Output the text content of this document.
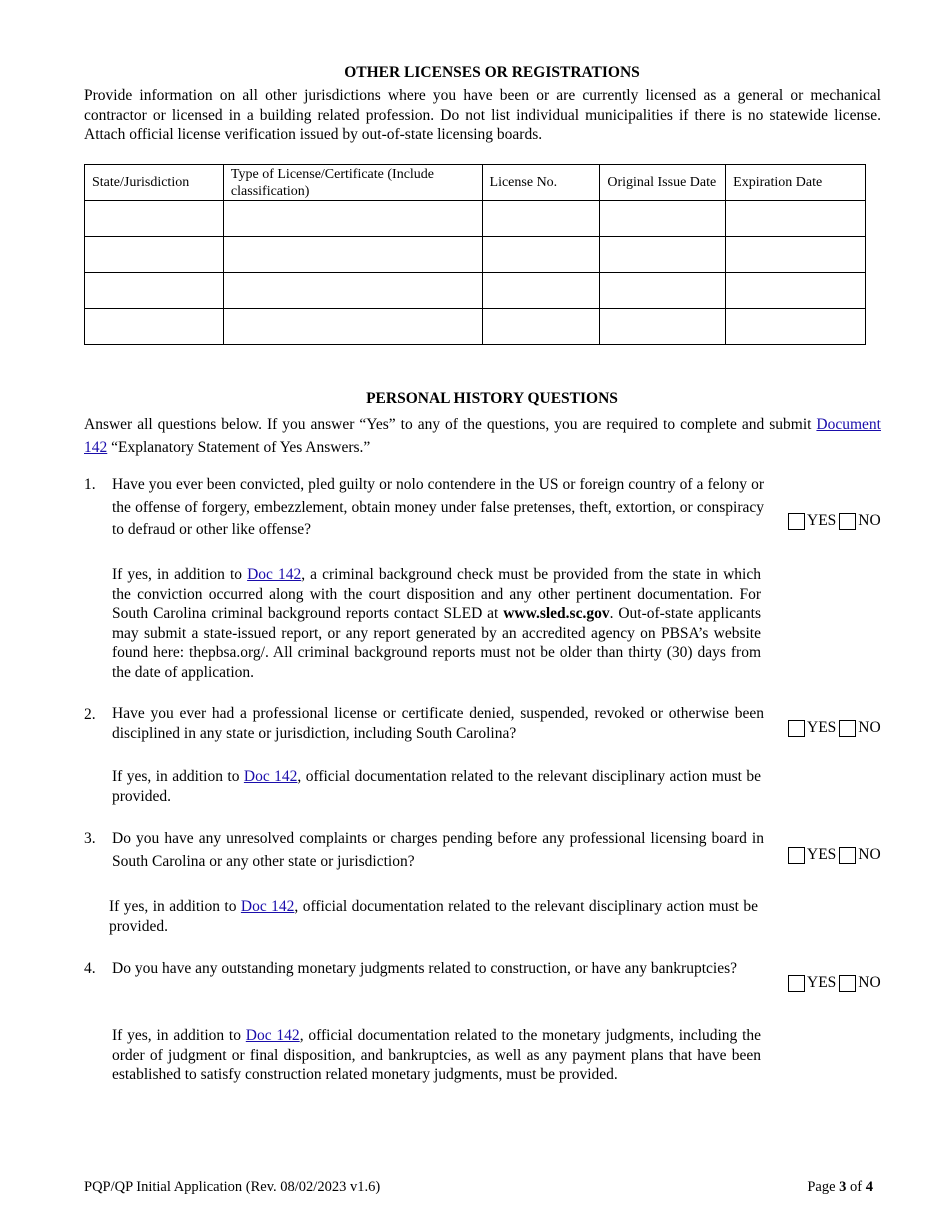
OTHER LICENSES OR REGISTRATIONS
Provide information on all other jurisdictions where you have been or are currently licensed as a general or mechanical contractor or licensed in a building related profession. Do not list individual municipalities if there is no statewide license. Attach official license verification issued by out-of-state licensing boards.
State/Jurisdiction	Type of License/Certificate (Include classification)	License No.	Original Issue Date	Expiration Date

PERSONAL HISTORY QUESTIONS
Answer all questions below. If you answer “Yes” to any of the questions, you are required to complete and submit Document 142 “Explanatory Statement of Yes Answers.”
1. Have you ever been convicted, pled guilty or nolo contendere in the US or foreign country of a felony or the offense of forgery, embezzlement, obtain money under false pretenses, theft, extortion, or conspiracy to defraud or other like offense?
YES NO
If yes, in addition to Doc 142, a criminal background check must be provided from the state in which the conviction occurred along with the court disposition and any other pertinent documentation. For South Carolina criminal background reports contact SLED at www.sled.sc.gov. Out-of-state applicants may submit a state-issued report, or any report generated by an accredited agency on PBSA’s website found here: thepbsa.org/. All criminal background reports must not be older than thirty (30) days from the date of application.
2. Have you ever had a professional license or certificate denied, suspended, revoked or otherwise been disciplined in any state or jurisdiction, including South Carolina?	YES NO
If yes, in addition to Doc 142, official documentation related to the relevant disciplinary action must be provided.
3. Do you have any unresolved complaints or charges pending before any professional licensing board in South Carolina or any other state or jurisdiction?	YES NO
If yes, in addition to Doc 142, official documentation related to the relevant disciplinary action must be provided.
4. Do you have any outstanding monetary judgments related to construction, or have any bankruptcies?
YES NO
If yes, in addition to Doc 142, official documentation related to the monetary judgments, including the order of judgment or final disposition, and bankruptcies, as well as any payment plans that have been established to satisfy construction related monetary judgments, must be provided.
PQP/QP Initial Application (Rev. 08/02/2023 v1.6)	Page 3 of 4
